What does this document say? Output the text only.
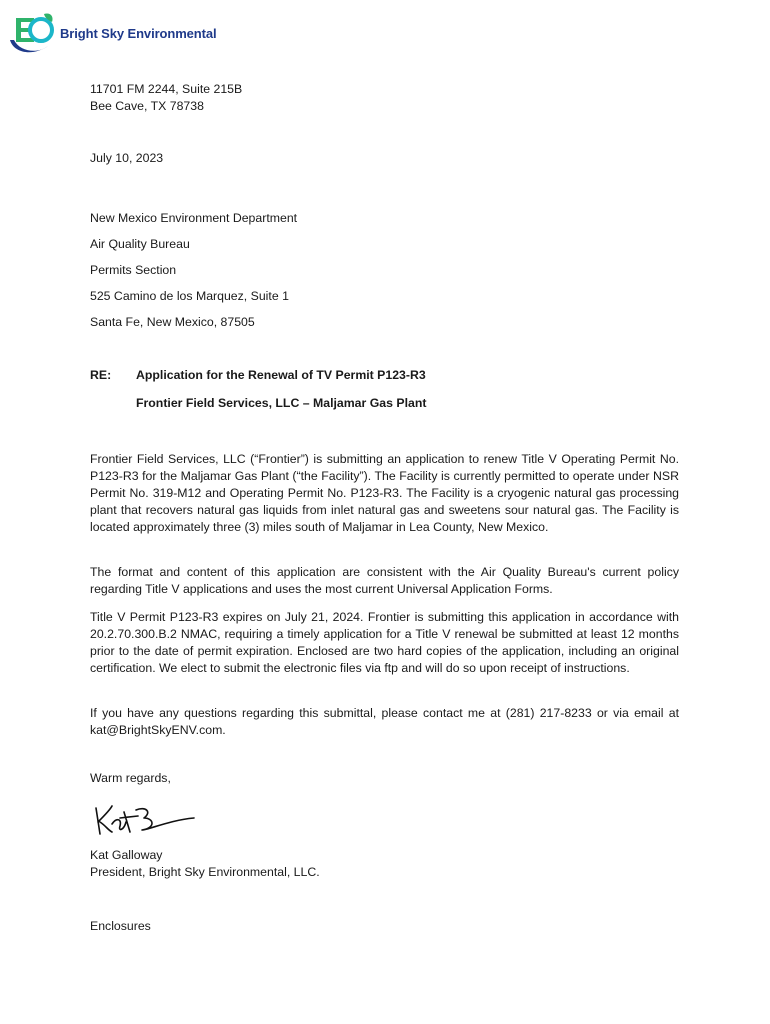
Bright Sky Environmental
11701 FM 2244, Suite 215B
Bee Cave, TX 78738
July 10, 2023
New Mexico Environment Department
Air Quality Bureau
Permits Section
525 Camino de los Marquez, Suite 1
Santa Fe, New Mexico, 87505
RE: Application for the Renewal of TV Permit P123-R3
Frontier Field Services, LLC – Maljamar Gas Plant
Frontier Field Services, LLC (“Frontier”) is submitting an application to renew Title V Operating Permit No. P123-R3 for the Maljamar Gas Plant (“the Facility”). The Facility is currently permitted to operate under NSR Permit No. 319-M12 and Operating Permit No. P123-R3. The Facility is a cryogenic natural gas processing plant that recovers natural gas liquids from inlet natural gas and sweetens sour natural gas. The Facility is located approximately three (3) miles south of Maljamar in Lea County, New Mexico.
The format and content of this application are consistent with the Air Quality Bureau's current policy regarding Title V applications and uses the most current Universal Application Forms.
Title V Permit P123-R3 expires on July 21, 2024. Frontier is submitting this application in accordance with 20.2.70.300.B.2 NMAC, requiring a timely application for a Title V renewal be submitted at least 12 months prior to the date of permit expiration. Enclosed are two hard copies of the application, including an original certification. We elect to submit the electronic files via ftp and will do so upon receipt of instructions.
If you have any questions regarding this submittal, please contact me at (281) 217-8233 or via email at kat@BrightSkyENV.com.
Warm regards,
Kat Galloway
President, Bright Sky Environmental, LLC.
Enclosures
